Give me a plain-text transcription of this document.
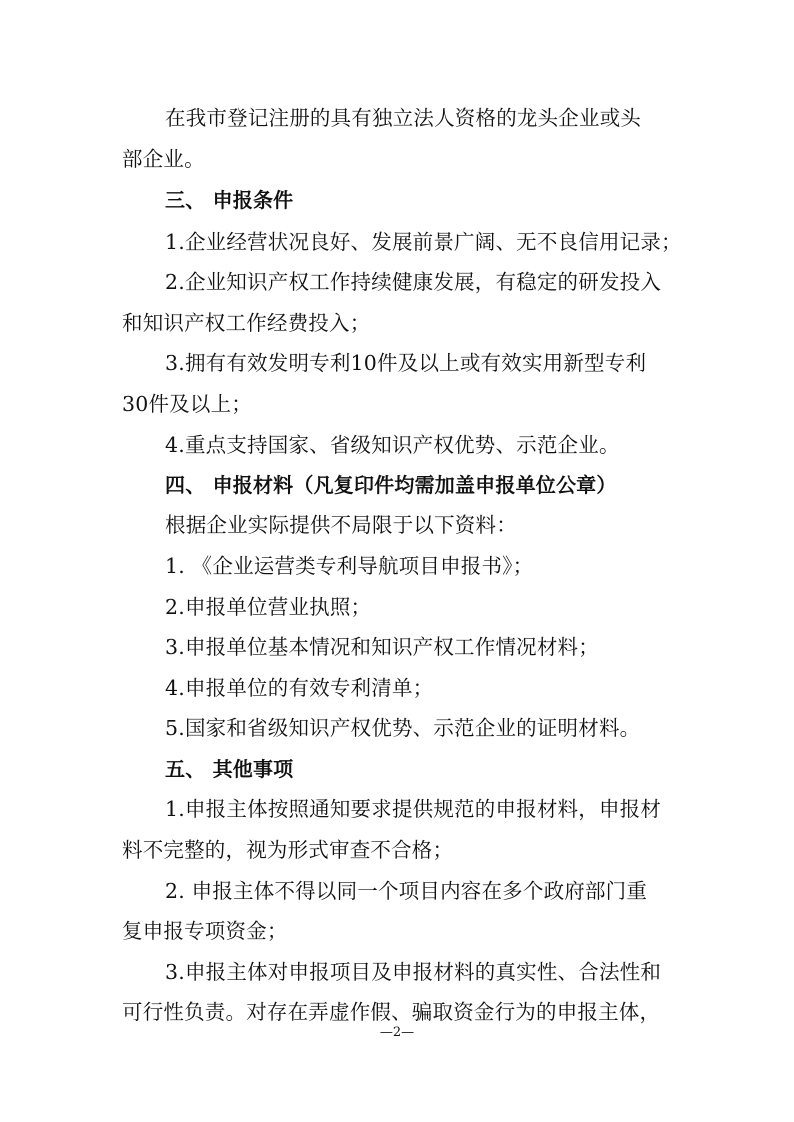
在我市登记注册的具有独立法人资格的龙头企业或头
部企业。
三、 申报条件
1.企业经营状况良好、发展前景广阔、无不良信用记录；
2.企业知识产权工作持续健康发展，有稳定的研发投入
和知识产权工作经费投入；
3.拥有有效发明专利10件及以上或有效实用新型专利
30件及以上；
4.重点支持国家、省级知识产权优势、示范企业。
四、 申报材料（凡复印件均需加盖申报单位公章）
根据企业实际提供不局限于以下资料：
1. 《企业运营类专利导航项目申报书》；
2.申报单位营业执照；
3.申报单位基本情况和知识产权工作情况材料；
4.申报单位的有效专利清单；
5.国家和省级知识产权优势、示范企业的证明材料。
五、 其他事项
1.申报主体按照通知要求提供规范的申报材料，申报材
料不完整的，视为形式审查不合格；
2. 申报主体不得以同一个项目内容在多个政府部门重
复申报专项资金；
3.申报主体对申报项目及申报材料的真实性、合法性和
可行性负责。对存在弄虚作假、骗取资金行为的申报主体，
—2—
